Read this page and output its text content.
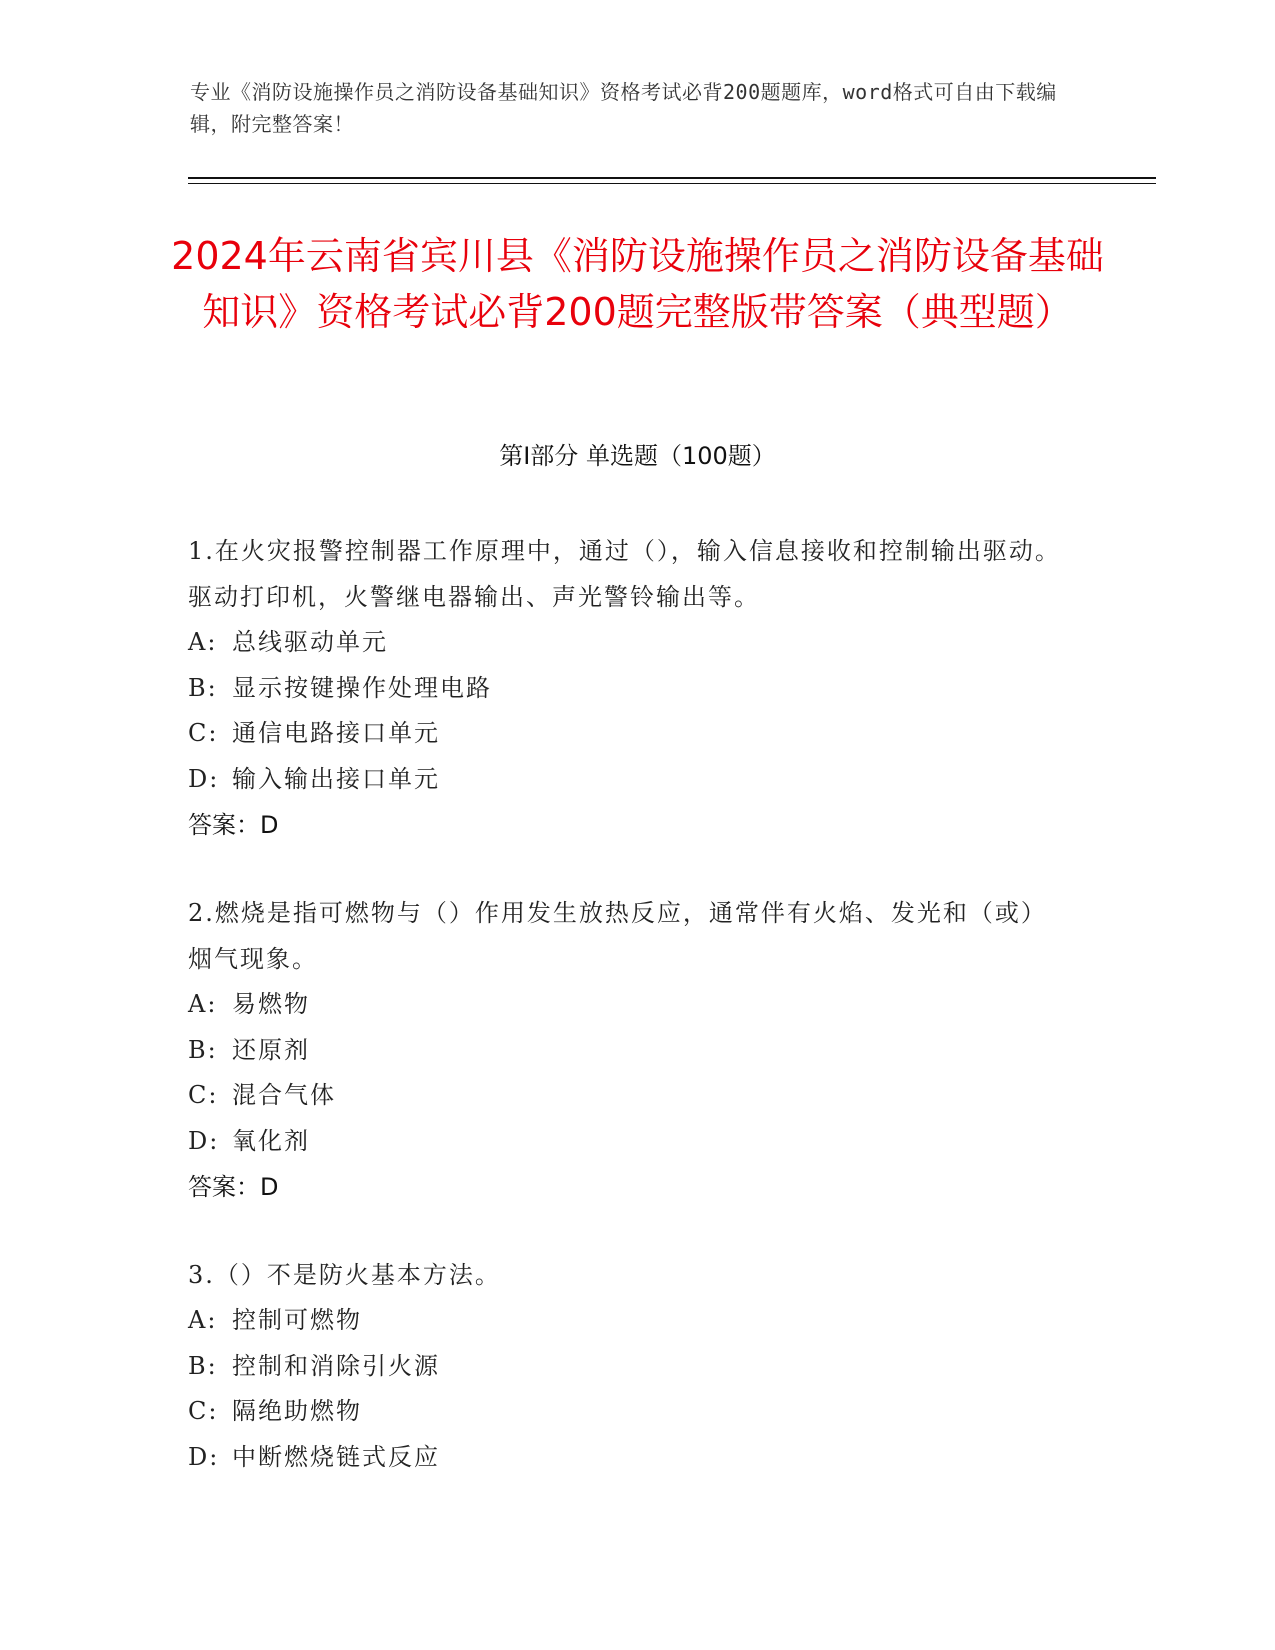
专业《消防设施操作员之消防设备基础知识》资格考试必背200题题库，word格式可自由下载编辑，附完整答案！
2024年云南省宾川县《消防设施操作员之消防设备基础知识》资格考试必背200题完整版带答案（典型题）
第I部分 单选题（100题）
1.在火灾报警控制器工作原理中，通过（），输入信息接收和控制输出驱动。驱动打印机，火警继电器输出、声光警铃输出等。
A: 总线驱动单元
B: 显示按键操作处理电路
C: 通信电路接口单元
D: 输入输出接口单元
答案：D
2.燃烧是指可燃物与（）作用发生放热反应，通常伴有火焰、发光和（或）烟气现象。
A: 易燃物
B: 还原剂
C: 混合气体
D: 氧化剂
答案：D
3.（）不是防火基本方法。
A: 控制可燃物
B: 控制和消除引火源
C: 隔绝助燃物
D: 中断燃烧链式反应
